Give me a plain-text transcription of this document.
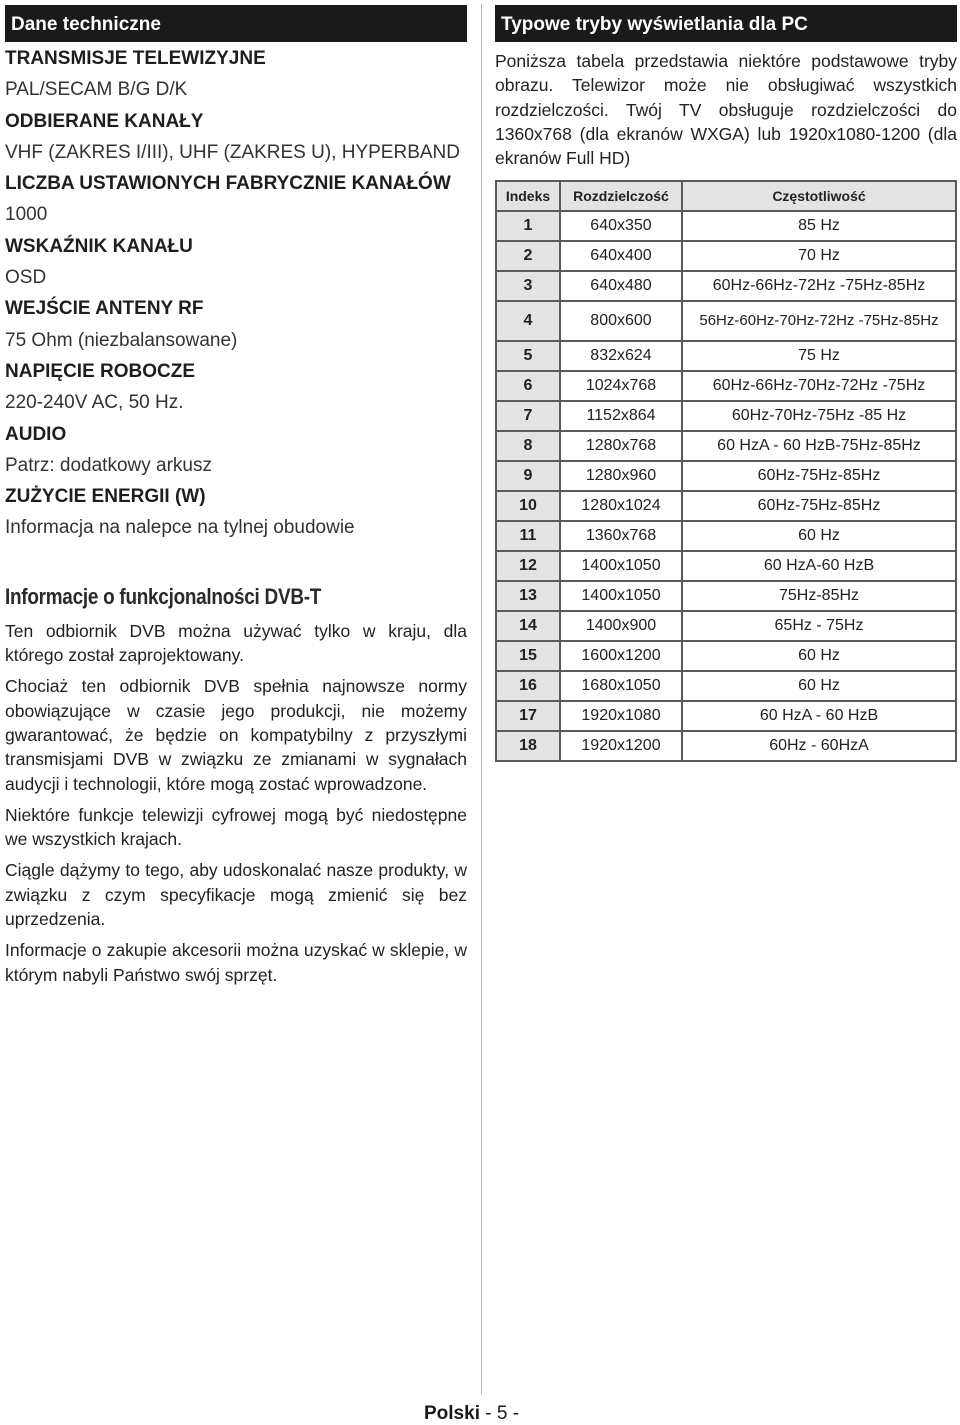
Dane techniczne
TRANSMISJE TELEWIZYJNE
PAL/SECAM B/G D/K
ODBIERANE KANAŁY
VHF (ZAKRES I/III), UHF (ZAKRES U), HYPERBAND
LICZBA USTAWIONYCH FABRYCZNIE KANAŁÓW
1000
WSKAŹNIK KANAŁU
OSD
WEJŚCIE ANTENY RF
75 Ohm (niezbalansowane)
NAPIĘCIE ROBOCZE
220-240V AC, 50 Hz.
AUDIO
Patrz: dodatkowy arkusz
ZUŻYCIE ENERGII (W)
Informacja na nalepce na tylnej obudowie
Informacje o funkcjonalności DVB-T

Ten odbiornik DVB można używać tylko w kraju, dla którego został zaprojektowany.

Chociaż ten odbiornik DVB spełnia najnowsze normy obowiązujące w czasie jego produkcji, nie możemy gwarantować, że będzie on kompatybilny z przyszłymi transmisjami DVB w związku ze zmianami w sygnałach audycji i technologii, które mogą zostać wprowadzone.

Niektóre funkcje telewizji cyfrowej mogą być niedostępne we wszystkich krajach.

Ciągle dążymy to tego, aby udoskonalać nasze produkty, w związku z czym specyfikacje mogą zmienić się bez uprzedzenia.

Informacje o zakupie akcesorii można uzyskać w sklepie, w którym nabyli Państwo swój sprzęt.

Typowe tryby wyświetlania dla PC

Poniższa tabela przedstawia niektóre podstawowe tryby obrazu. Telewizor może nie obsługiwać wszystkich rozdzielczości. Twój TV obsługuje rozdzielczości do 1360x768 (dla ekranów WXGA) lub 1920x1080-1200 (dla ekranów Full HD)

Indeks	Rozdzielczość	Częstotliwość
1	640x350	85 Hz
2	640x400	70 Hz
3	640x480	60Hz-66Hz-72Hz -75Hz-85Hz
4	800x600	56Hz-60Hz-70Hz-72Hz -75Hz-85Hz
5	832x624	75 Hz
6	1024x768	60Hz-66Hz-70Hz-72Hz -75Hz
7	1152x864	60Hz-70Hz-75Hz -85 Hz
8	1280x768	60 HzA - 60 HzB-75Hz-85Hz
9	1280x960	60Hz-75Hz-85Hz
10	1280x1024	60Hz-75Hz-85Hz
11	1360x768	60 Hz
12	1400x1050	60 HzA-60 HzB
13	1400x1050	75Hz-85Hz
14	1400x900	65Hz - 75Hz
15	1600x1200	60 Hz
16	1680x1050	60 Hz
17	1920x1080	60 HzA - 60 HzB
18	1920x1200	60Hz - 60HzA
Polski - 5 -
